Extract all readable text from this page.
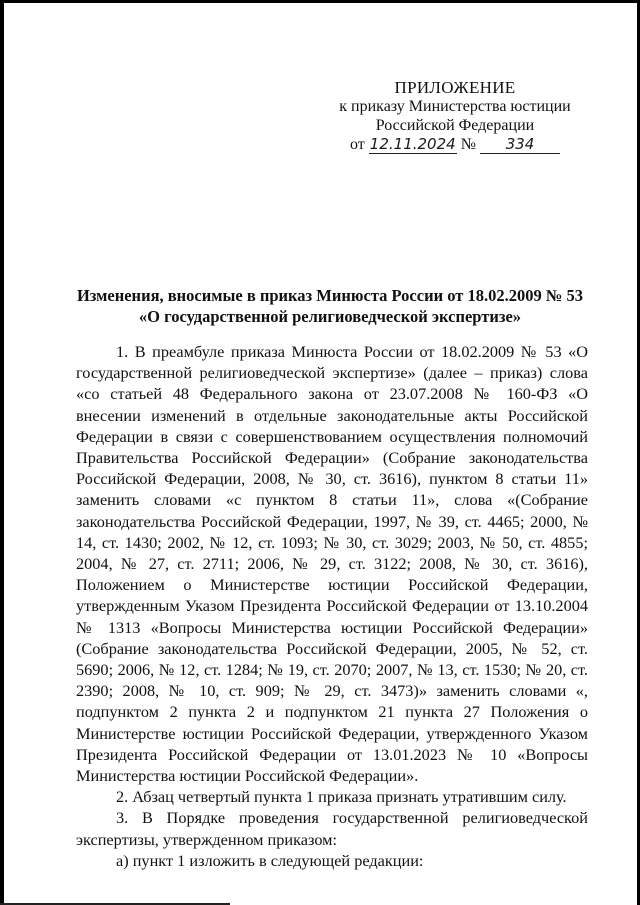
ПРИЛОЖЕНИЕ
к приказу Министерства юстиции
Российской Федерации
от 12.11.2024 №	334
Изменения, вносимые в приказ Минюста России от 18.02.2009 № 53
«О государственной религиоведческой экспертизе»

1. В преамбуле приказа Минюста России от 18.02.2009 № 53 «О государственной религиоведческой экспертизе» (далее – приказ) слова «со статьей 48 Федерального закона от 23.07.2008 № 160-ФЗ «О внесении изменений в отдельные законодательные акты Российской Федерации в связи с совершенствованием осуществления полномочий Правительства Российской Федерации» (Собрание законодательства Российской Федерации, 2008, № 30, ст. 3616), пунктом 8 статьи 11» заменить словами «с пунктом 8 статьи 11», слова «(Собрание законодательства Российской Федерации, 1997, № 39, ст. 4465; 2000, № 14, ст. 1430; 2002, № 12, ст. 1093; № 30, ст. 3029; 2003, № 50, ст. 4855; 2004, № 27, ст. 2711; 2006, № 29, ст. 3122; 2008, № 30, ст. 3616), Положением о Министерстве юстиции Российской Федерации, утвержденным Указом Президента Российской Федерации от 13.10.2004 № 1313 «Вопросы Министерства юстиции Российской Федерации» (Собрание законодательства Российской Федерации, 2005, № 52, ст. 5690; 2006, № 12, ст. 1284; № 19, ст. 2070; 2007, № 13, ст. 1530; № 20, ст. 2390; 2008, № 10, ст. 909; № 29, ст. 3473)» заменить словами «, подпунктом 2 пункта 2 и подпунктом 21 пункта 27 Положения о Министерстве юстиции Российской Федерации, утвержденного Указом Президента Российской Федерации от 13.01.2023 № 10 «Вопросы Министерства юстиции Российской Федерации».

2. Абзац четвертый пункта 1 приказа признать утратившим силу.

3. В Порядке проведения государственной религиоведческой экспертизы, утвержденном приказом:

а) пункт 1 изложить в следующей редакции:
